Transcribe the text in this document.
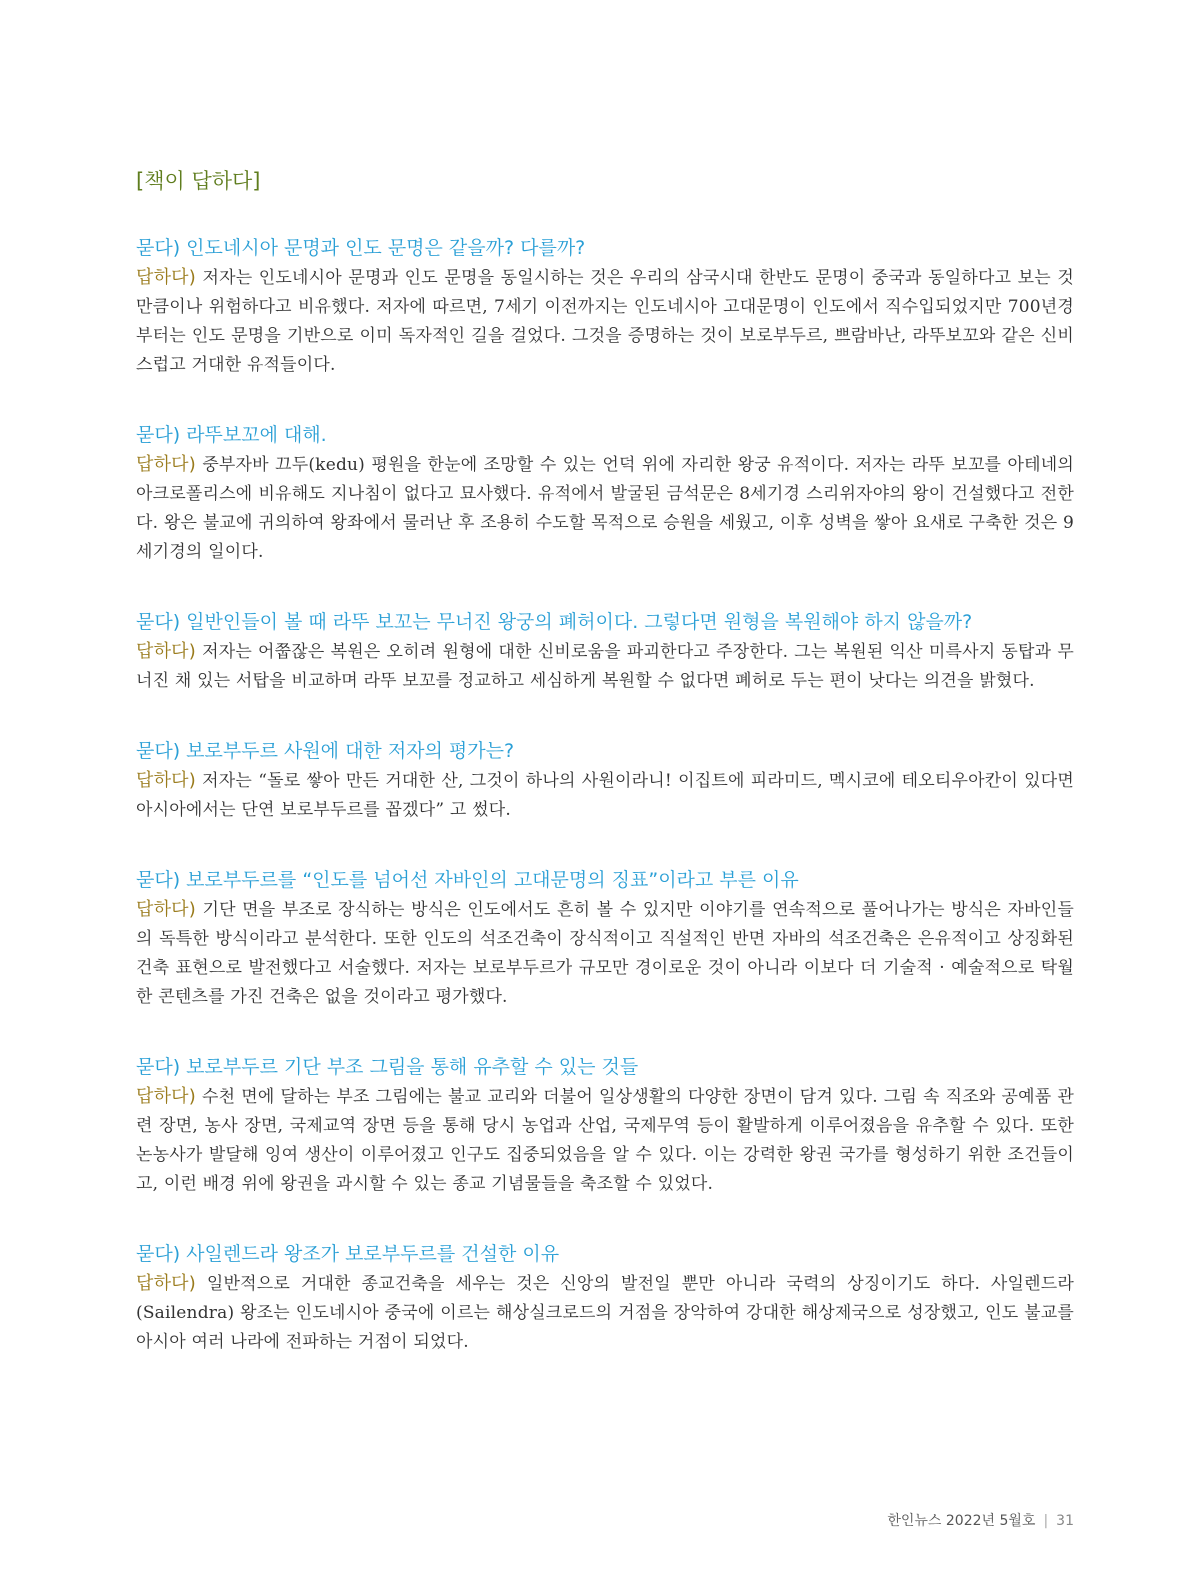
[책이 답하다]

묻다) 인도네시아 문명과 인도 문명은 같을까? 다를까?

답하다) 저자는 인도네시아 문명과 인도 문명을 동일시하는 것은 우리의 삼국시대 한반도 문명이 중국과 동일하다고 보는 것만큼이나 위험하다고 비유했다. 저자에 따르면, 7세기 이전까지는 인도네시아 고대문명이 인도에서 직수입되었지만 700년경부터는 인도 문명을 기반으로 이미 독자적인 길을 걸었다. 그것을 증명하는 것이 보로부두르, 쁘람바난, 라뚜보꼬와 같은 신비스럽고 거대한 유적들이다.

묻다) 라뚜보꼬에 대해.

답하다) 중부자바 끄두(kedu) 평원을 한눈에 조망할 수 있는 언덕 위에 자리한 왕궁 유적이다. 저자는 라뚜 보꼬를 아테네의 아크로폴리스에 비유해도 지나침이 없다고 묘사했다. 유적에서 발굴된 금석문은 8세기경 스리위자야의 왕이 건설했다고 전한다. 왕은 불교에 귀의하여 왕좌에서 물러난 후 조용히 수도할 목적으로 승원을 세웠고, 이후 성벽을 쌓아 요새로 구축한 것은 9세기경의 일이다.

묻다) 일반인들이 볼 때 라뚜 보꼬는 무너진 왕궁의 폐허이다. 그렇다면 원형을 복원해야 하지 않을까?

답하다) 저자는 어쭙잖은 복원은 오히려 원형에 대한 신비로움을 파괴한다고 주장한다. 그는 복원된 익산 미륵사지 동탑과 무너진 채 있는 서탑을 비교하며 라뚜 보꼬를 정교하고 세심하게 복원할 수 없다면 폐허로 두는 편이 낫다는 의견을 밝혔다.

묻다) 보로부두르 사원에 대한 저자의 평가는?

답하다) 저자는 “돌로 쌓아 만든 거대한 산, 그것이 하나의 사원이라니! 이집트에 피라미드, 멕시코에 테오티우아칸이 있다면 아시아에서는 단연 보로부두르를 꼽겠다” 고 썼다.

묻다) 보로부두르를 “인도를 넘어선 자바인의 고대문명의 징표”이라고 부른 이유

답하다) 기단 면을 부조로 장식하는 방식은 인도에서도 흔히 볼 수 있지만 이야기를 연속적으로 풀어나가는 방식은 자바인들의 독특한 방식이라고 분석한다. 또한 인도의 석조건축이 장식적이고 직설적인 반면 자바의 석조건축은 은유적이고 상징화된 건축 표현으로 발전했다고 서술했다. 저자는 보로부두르가 규모만 경이로운 것이 아니라 이보다 더 기술적 · 예술적으로 탁월한 콘텐츠를 가진 건축은 없을 것이라고 평가했다.

묻다) 보로부두르 기단 부조 그림을 통해 유추할 수 있는 것들

답하다) 수천 면에 달하는 부조 그림에는 불교 교리와 더불어 일상생활의 다양한 장면이 담겨 있다. 그림 속 직조와 공예품 관련 장면, 농사 장면, 국제교역 장면 등을 통해 당시 농업과 산업, 국제무역 등이 활발하게 이루어졌음을 유추할 수 있다. 또한 논농사가 발달해 잉여 생산이 이루어졌고 인구도 집중되었음을 알 수 있다. 이는 강력한 왕권 국가를 형성하기 위한 조건들이고, 이런 배경 위에 왕권을 과시할 수 있는 종교 기념물들을 축조할 수 있었다.

묻다) 사일렌드라 왕조가 보로부두르를 건설한 이유

답하다) 일반적으로 거대한 종교건축을 세우는 것은 신앙의 발전일 뿐만 아니라 국력의 상징이기도 하다. 사일렌드라(Sailendra) 왕조는 인도네시아 중국에 이르는 해상실크로드의 거점을 장악하여 강대한 해상제국으로 성장했고, 인도 불교를 아시아 여러 나라에 전파하는 거점이 되었다.

한인뉴스 2022년 5월호 | 31
